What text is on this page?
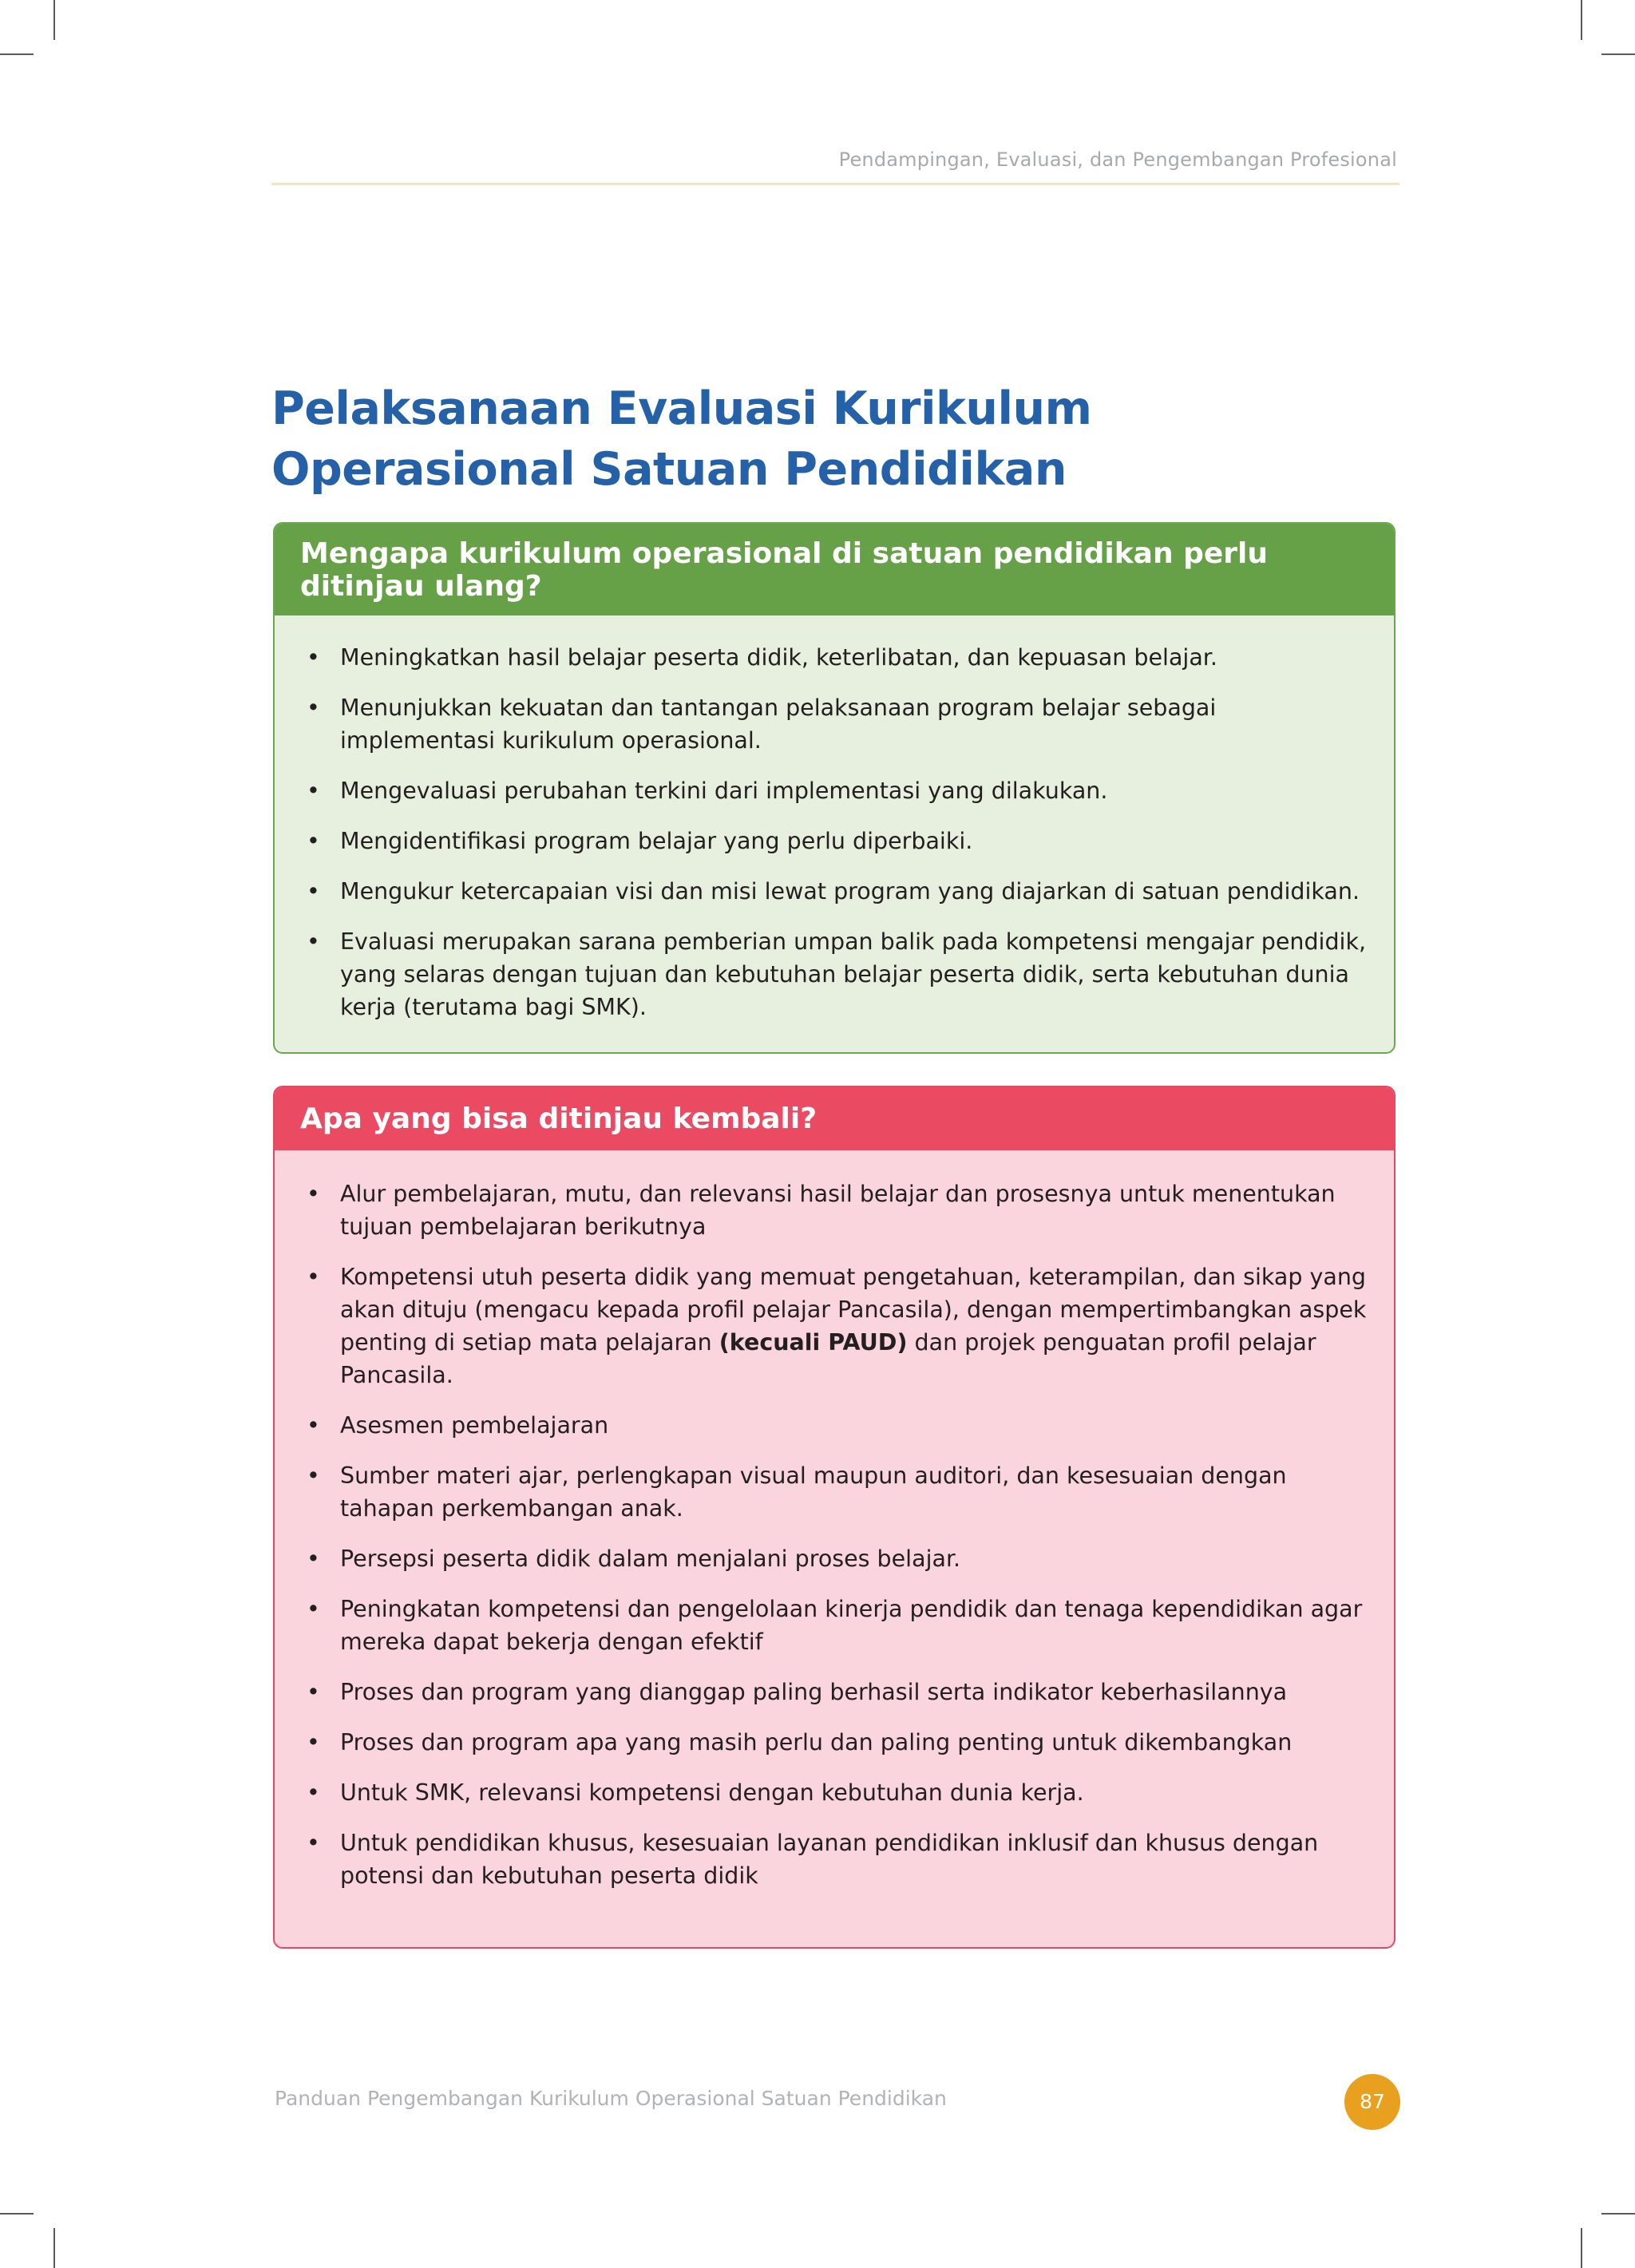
Pendampingan, Evaluasi, dan Pengembangan Profesional
Pelaksanaan Evaluasi Kurikulum Operasional Satuan Pendidikan
Mengapa kurikulum operasional di satuan pendidikan perlu ditinjau ulang?
• Meningkatkan hasil belajar peserta didik, keterlibatan, dan kepuasan belajar.
• Menunjukkan kekuatan dan tantangan pelaksanaan program belajar sebagai implementasi kurikulum operasional.
• Mengevaluasi perubahan terkini dari implementasi yang dilakukan.
• Mengidentifikasi program belajar yang perlu diperbaiki.
• Mengukur ketercapaian visi dan misi lewat program yang diajarkan di satuan pendidikan.
• Evaluasi merupakan sarana pemberian umpan balik pada kompetensi mengajar pendidik, yang selaras dengan tujuan dan kebutuhan belajar peserta didik, serta kebutuhan dunia kerja (terutama bagi SMK).
Apa yang bisa ditinjau kembali?
• Alur pembelajaran, mutu, dan relevansi hasil belajar dan prosesnya untuk menentukan tujuan pembelajaran berikutnya
• Kompetensi utuh peserta didik yang memuat pengetahuan, keterampilan, dan sikap yang akan dituju (mengacu kepada profil pelajar Pancasila), dengan mempertimbangkan aspek penting di setiap mata pelajaran (kecuali PAUD) dan projek penguatan profil pelajar Pancasila.
• Asesmen pembelajaran
• Sumber materi ajar, perlengkapan visual maupun auditori, dan kesesuaian dengan tahapan perkembangan anak.
• Persepsi peserta didik dalam menjalani proses belajar.
• Peningkatan kompetensi dan pengelolaan kinerja pendidik dan tenaga kependidikan agar mereka dapat bekerja dengan efektif
• Proses dan program yang dianggap paling berhasil serta indikator keberhasilannya
• Proses dan program apa yang masih perlu dan paling penting untuk dikembangkan
• Untuk SMK, relevansi kompetensi dengan kebutuhan dunia kerja.
• Untuk pendidikan khusus, kesesuaian layanan pendidikan inklusif dan khusus dengan potensi dan kebutuhan peserta didik
Panduan Pengembangan Kurikulum Operasional Satuan Pendidikan	87
